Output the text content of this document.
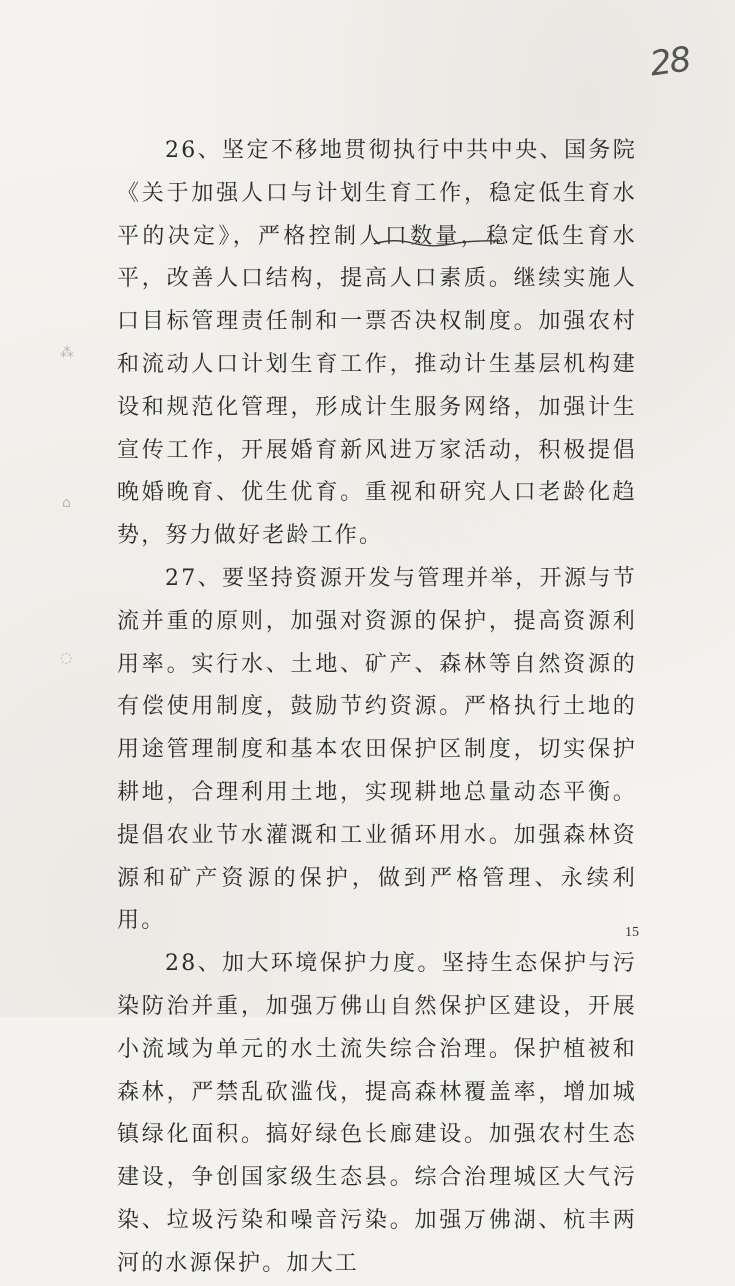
28
⁂
⌂
◌

26、坚定不移地贯彻执行中共中央、国务院《关于加强人口与计划生育工作，稳定低生育水平的决定》，严格控制人口数量，稳定低生育水平，改善人口结构，提高人口素质。继续实施人口目标管理责任制和一票否决权制度。加强农村和流动人口计划生育工作，推动计生基层机构建设和规范化管理，形成计生服务网络，加强计生宣传工作，开展婚育新风进万家活动，积极提倡晚婚晚育、优生优育。重视和研究人口老龄化趋势，努力做好老龄工作。

27、要坚持资源开发与管理并举，开源与节流并重的原则，加强对资源的保护，提高资源利用率。实行水、土地、矿产、森林等自然资源的有偿使用制度，鼓励节约资源。严格执行土地的用途管理制度和基本农田保护区制度，切实保护耕地，合理利用土地，实现耕地总量动态平衡。提倡农业节水灌溉和工业循环用水。加强森林资源和矿产资源的保护，做到严格管理、永续利用。

28、加大环境保护力度。坚持生态保护与污染防治并重，加强万佛山自然保护区建设，开展小流域为单元的水土流失综合治理。保护植被和森林，严禁乱砍滥伐，提高森林覆盖率，增加城镇绿化面积。搞好绿色长廊建设。加强农村生态建设，争创国家级生态县。综合治理城区大气污染、垃圾污染和噪音污染。加强万佛湖、杭丰两河的水源保护。加大工

15
